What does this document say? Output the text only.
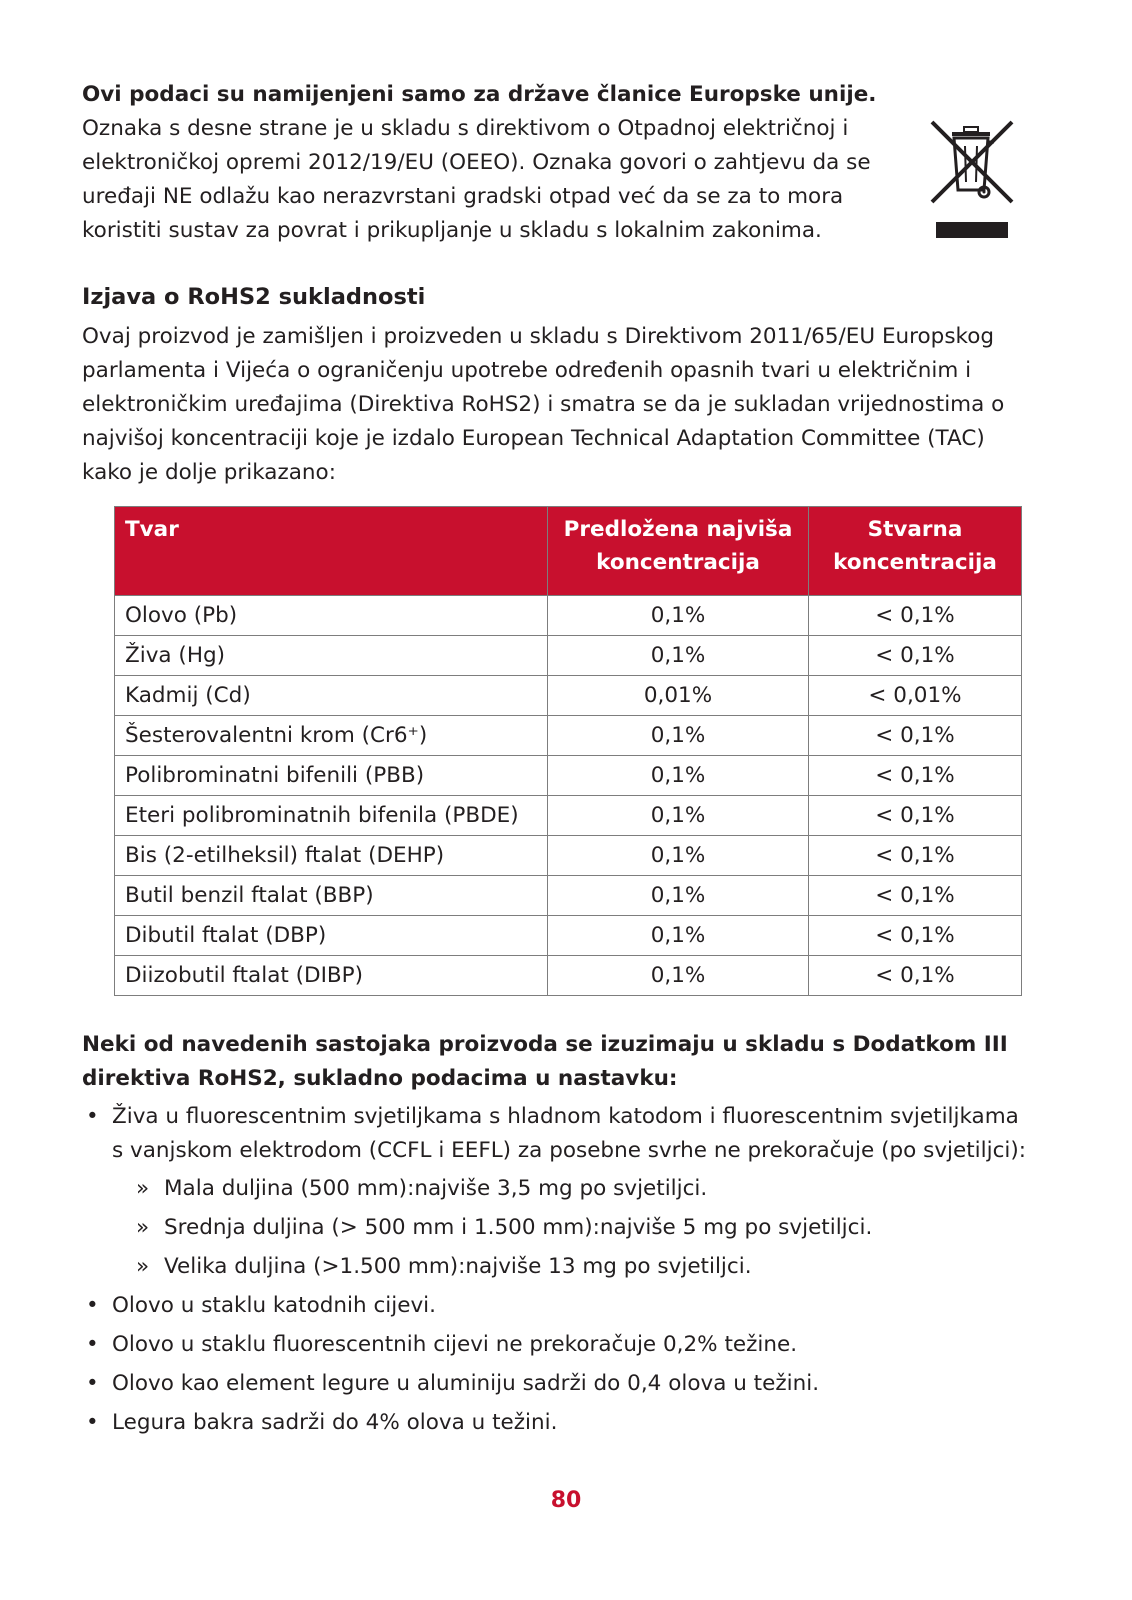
Ovi podaci su namijenjeni samo za države članice Europske unije.
Oznaka s desne strane je u skladu s direktivom o Otpadnoj električnoj i elektroničkoj opremi 2012/19/EU (OEEO). Oznaka govori o zahtjevu da se uređaji NE odlažu kao nerazvrstani gradski otpad već da se za to mora koristiti sustav za povrat i prikupljanje u skladu s lokalnim zakonima.
Izjava o RoHS2 sukladnosti

Ovaj proizvod je zamišljen i proizveden u skladu s Direktivom 2011/65/EU Europskog parlamenta i Vijeća o ograničenju upotrebe određenih opasnih tvari u električnim i elektroničkim uređajima (Direktiva RoHS2) i smatra se da je sukladan vrijednostima o najvišoj koncentraciji koje je izdalo European Technical Adaptation Committee (TAC) kako je dolje prikazano:

Tvar	Predložena najviša koncentracija	Stvarna koncentracija
Olovo (Pb)	0,1%	< 0,1%
Živa (Hg)	0,1%	< 0,1%
Kadmij (Cd)	0,01%	< 0,01%
Šesterovalentni krom (Cr6⁺)	0,1%	< 0,1%
Polibrominatni bifenili (PBB)	0,1%	< 0,1%
Eteri polibrominatnih bifenila (PBDE)	0,1%	< 0,1%
Bis (2-etilheksil) ftalat (DEHP)	0,1%	< 0,1%
Butil benzil ftalat (BBP)	0,1%	< 0,1%
Dibutil ftalat (DBP)	0,1%	< 0,1%
Diizobutil ftalat (DIBP)	0,1%	< 0,1%
Neki od navedenih sastojaka proizvoda se izuzimaju u skladu s Dodatkom III direktiva RoHS2, sukladno podacima u nastavku:
• Živa u fluorescentnim svjetiljkama s hladnom katodom i fluorescentnim svjetiljkama s vanjskom elektrodom (CCFL i EEFL) za posebne svrhe ne prekoračuje (po svjetiljci):
» Mala duljina (500 mm):najviše 3,5 mg po svjetiljci.
» Srednja duljina (> 500 mm i 1.500 mm):najviše 5 mg po svjetiljci.
» Velika duljina (>1.500 mm):najviše 13 mg po svjetiljci.
• Olovo u staklu katodnih cijevi.
• Olovo u staklu fluorescentnih cijevi ne prekoračuje 0,2% težine.
• Olovo kao element legure u aluminiju sadrži do 0,4 olova u težini.
• Legura bakra sadrži do 4% olova u težini.
80
